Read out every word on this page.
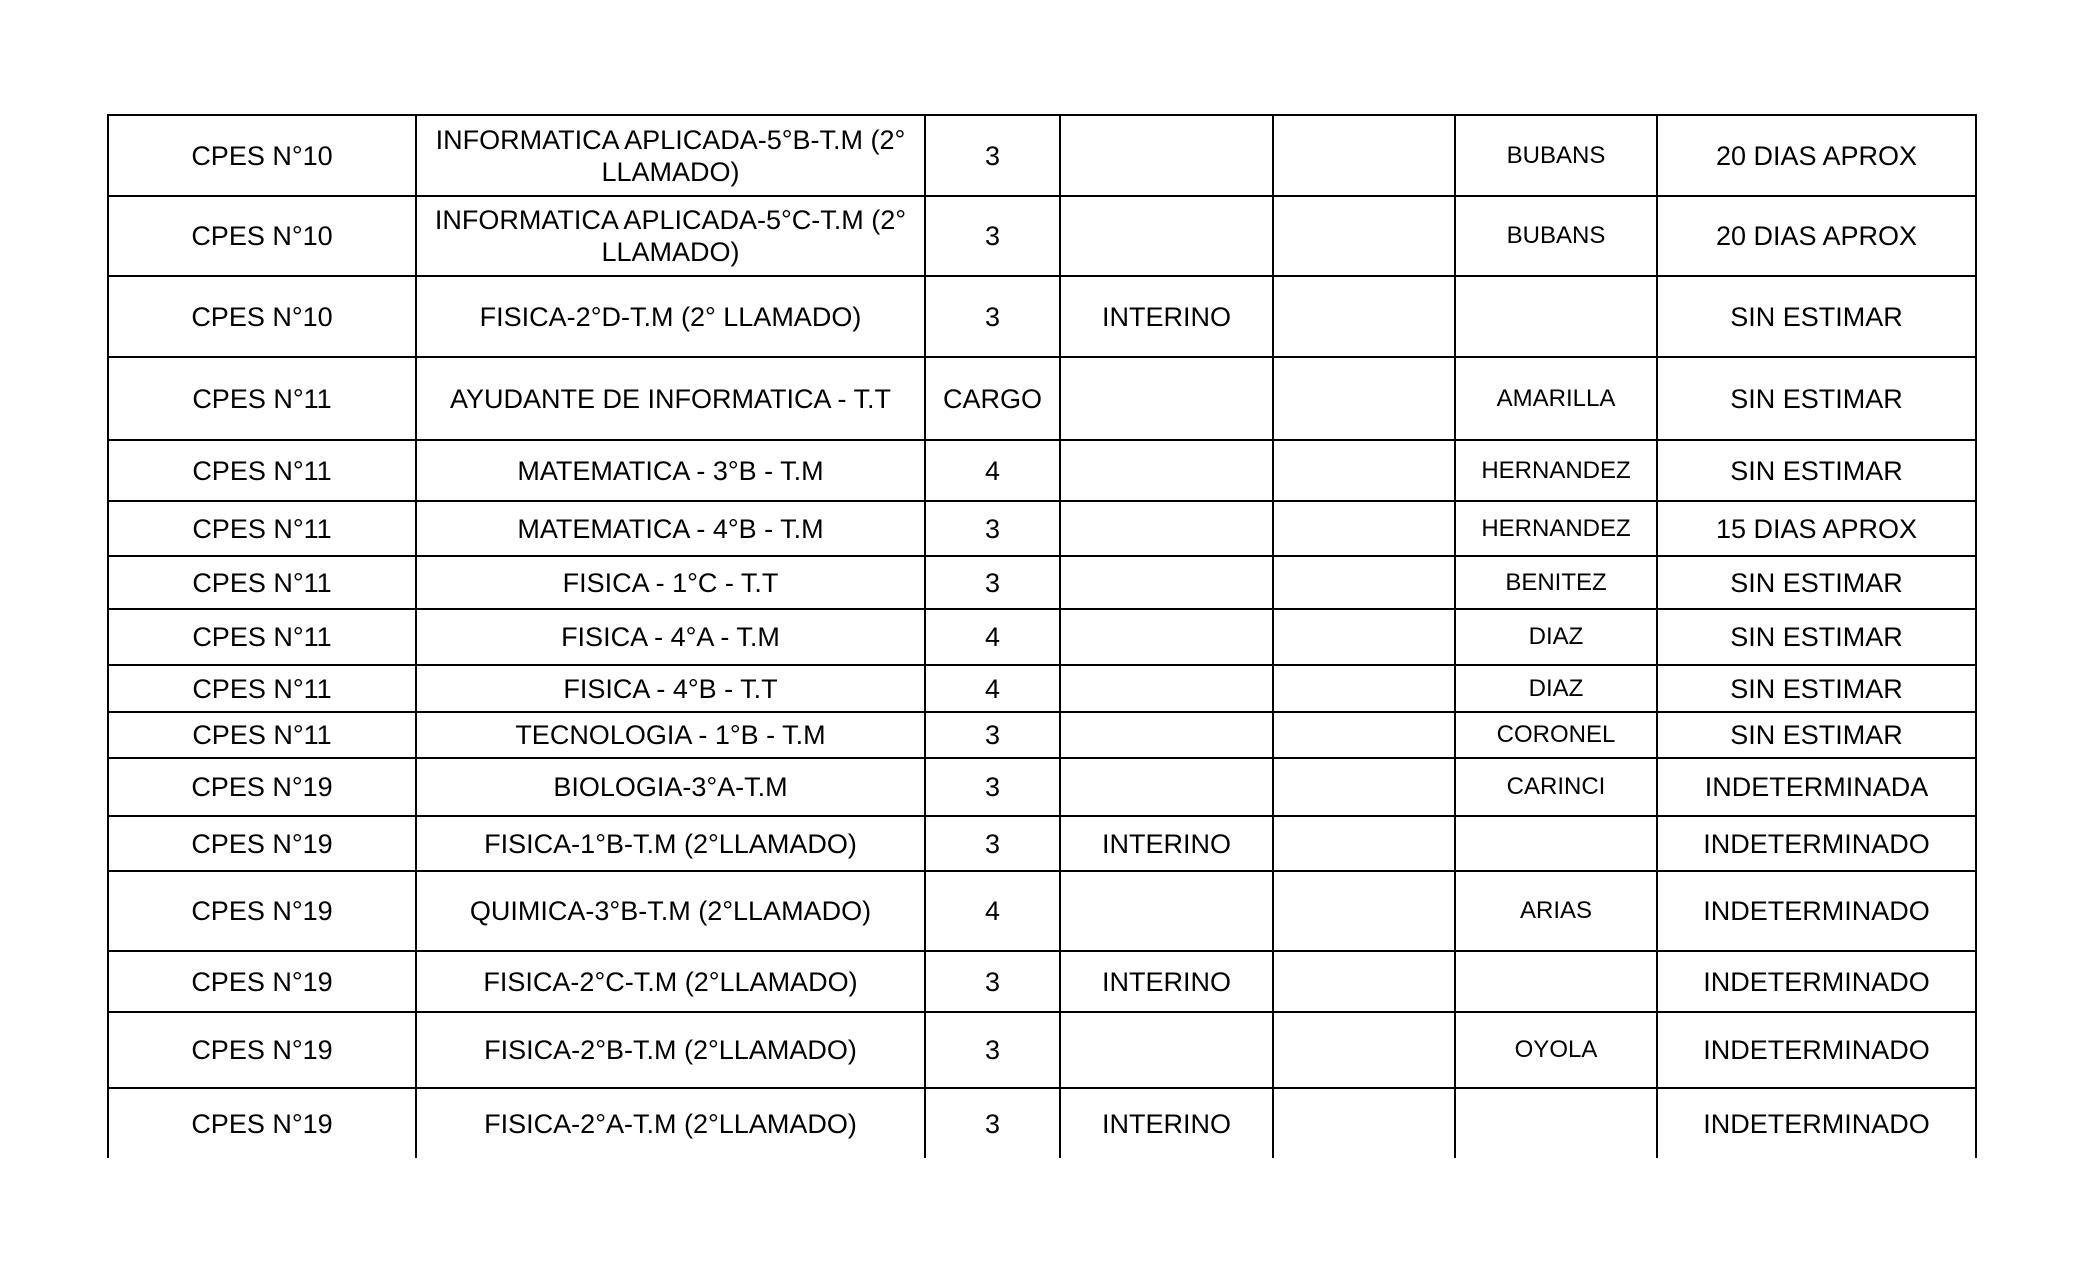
CPES N°10	INFORMATICA APLICADA-5°B-T.M (2° LLAMADO)	3			BUBANS	20 DIAS APROX
CPES N°10	INFORMATICA APLICADA-5°C-T.M (2° LLAMADO)	3			BUBANS	20 DIAS APROX
CPES N°10	FISICA-2°D-T.M (2° LLAMADO)	3	INTERINO			SIN ESTIMAR
CPES N°11	AYUDANTE DE INFORMATICA - T.T	CARGO			AMARILLA	SIN ESTIMAR
CPES N°11	MATEMATICA - 3°B - T.M	4			HERNANDEZ	SIN ESTIMAR
CPES N°11	MATEMATICA - 4°B - T.M	3			HERNANDEZ	15 DIAS APROX
CPES N°11	FISICA - 1°C - T.T	3			BENITEZ	SIN ESTIMAR
CPES N°11	FISICA - 4°A - T.M	4			DIAZ	SIN ESTIMAR
CPES N°11	FISICA - 4°B - T.T	4			DIAZ	SIN ESTIMAR
CPES N°11	TECNOLOGIA - 1°B - T.M	3			CORONEL	SIN ESTIMAR
CPES N°19	BIOLOGIA-3°A-T.M	3			CARINCI	INDETERMINADA
CPES N°19	FISICA-1°B-T.M (2°LLAMADO)	3	INTERINO			INDETERMINADO
CPES N°19	QUIMICA-3°B-T.M (2°LLAMADO)	4			ARIAS	INDETERMINADO
CPES N°19	FISICA-2°C-T.M (2°LLAMADO)	3	INTERINO			INDETERMINADO
CPES N°19	FISICA-2°B-T.M (2°LLAMADO)	3			OYOLA	INDETERMINADO
CPES N°19	FISICA-2°A-T.M (2°LLAMADO)	3	INTERINO			INDETERMINADO
